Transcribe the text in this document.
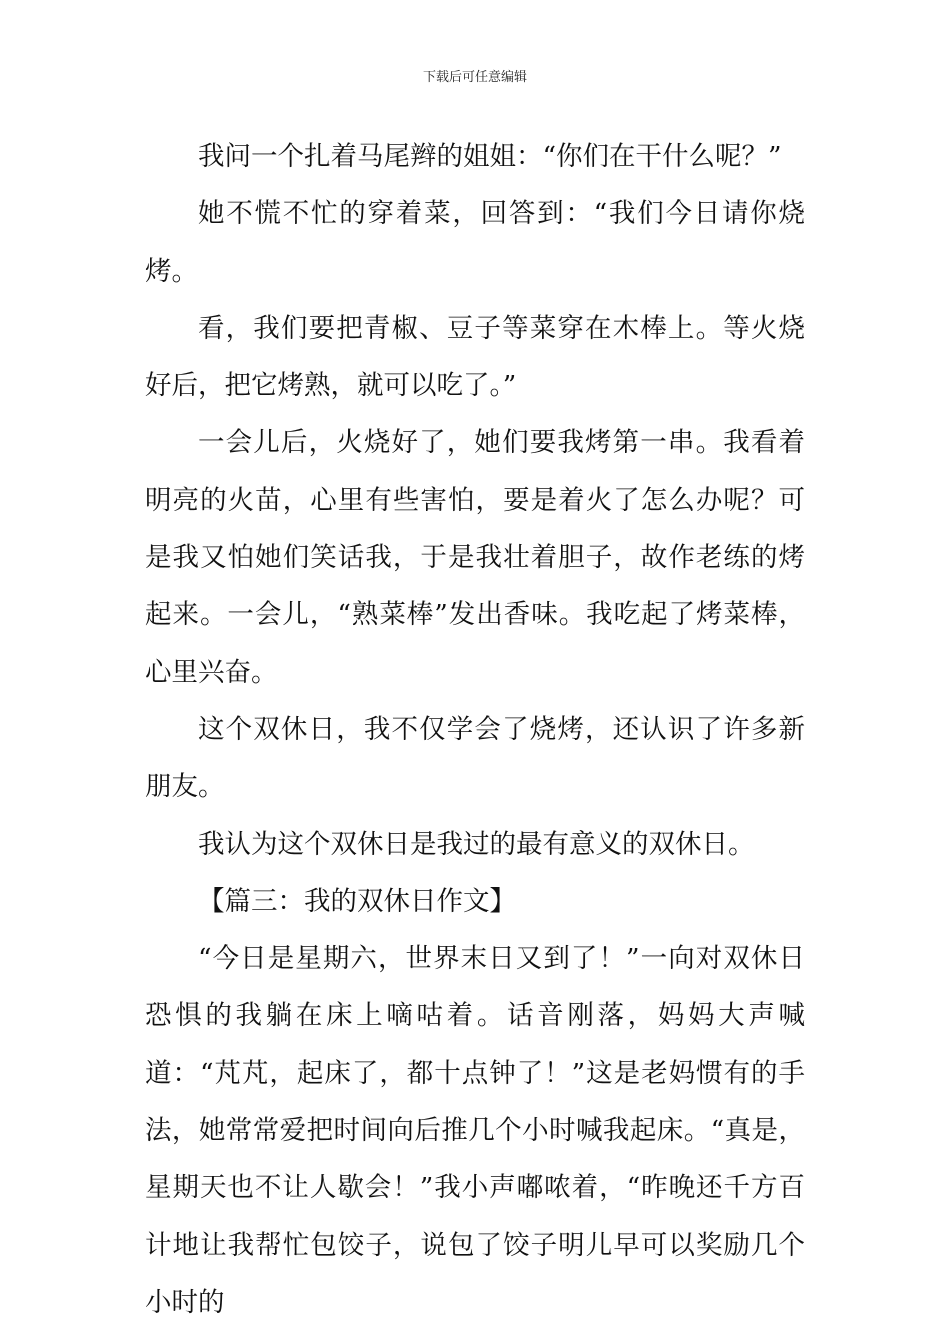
下载后可任意编辑

我问一个扎着马尾辫的姐姐：“你们在干什么呢？”

她不慌不忙的穿着菜，回答到：“我们今日请你烧烤。

看，我们要把青椒、豆子等菜穿在木棒上。等火烧好后，把它烤熟，就可以吃了。”

一会儿后，火烧好了，她们要我烤第一串。我看着明亮的火苗，心里有些害怕，要是着火了怎么办呢？可是我又怕她们笑话我，于是我壮着胆子，故作老练的烤起来。一会儿，“熟菜棒”发出香味。我吃起了烤菜棒，心里兴奋。

这个双休日，我不仅学会了烧烤，还认识了许多新朋友。

我认为这个双休日是我过的最有意义的双休日。

【篇三：我的双休日作文】

“今日是星期六，世界末日又到了！”一向对双休日恐惧的我躺在床上嘀咕着。话音刚落，妈妈大声喊道：“芃芃，起床了，都十点钟了！”这是老妈惯有的手法，她常常爱把时间向后推几个小时喊我起床。“真是，星期天也不让人歇会！”我小声嘟哝着，“昨晚还千方百计地让我帮忙包饺子，说包了饺子明儿早可以奖励几个小时的
